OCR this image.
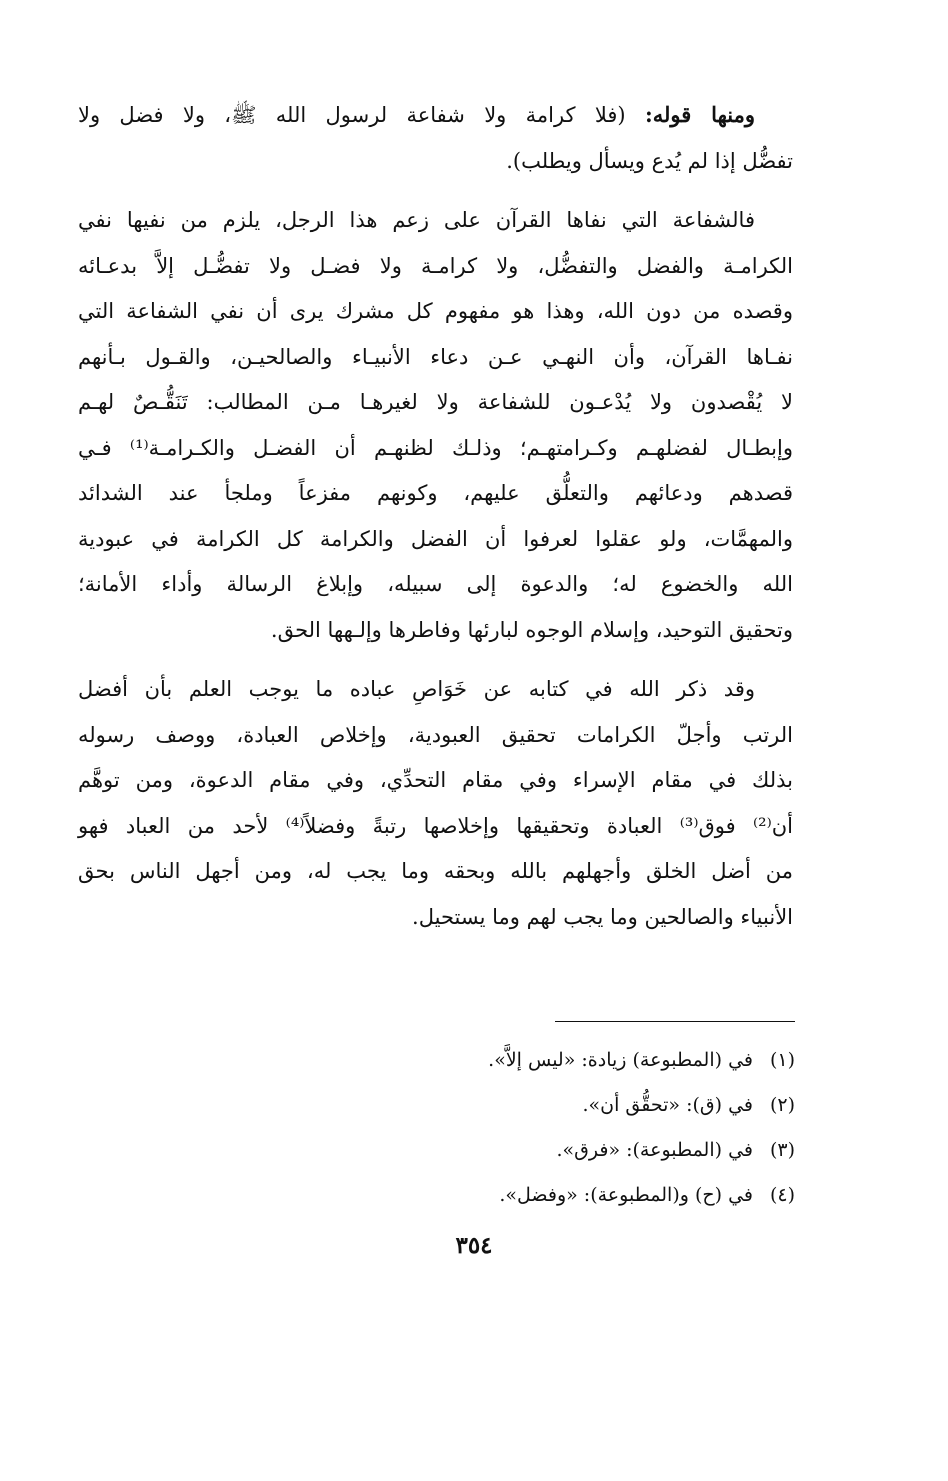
ومنها قوله: (فلا كرامة ولا شفاعة لرسول الله ﷺ، ولا فضل ولا
تفضُّل إذا لم يُدع ويسأل ويطلب).
فالشفاعة التي نفاها القرآن على زعم هذا الرجل، يلزم من نفيها نفي
الكرامـة والفضل والتفضُّل، ولا كرامـة ولا فضـل ولا تفضُّـل إلاَّ بدعـائه
وقصده من دون الله، وهذا هو مفهوم كل مشرك يرى أن نفي الشفاعة التي
نفـاها القرآن، وأن النهـي عـن دعاء الأنبيـاء والصالحيـن، والقـول بـأنهم
لا يُقْصدون ولا يُدْعـون للشفاعة ولا لغيرهـا مـن المطالب: تَنَقُّـصٌ لهـم
وإبطـال لفضلهـم وكـرامتهـم؛ وذلـك لظنهـم أن الفضـل والكـرامـة⁽¹⁾ فـي
قصدهم ودعائهم والتعلُّق عليهم، وكونهم مفزعاً وملجأ عند الشدائد
والمهمَّات، ولو عقلوا لعرفوا أن الفضل والكرامة كل الكرامة في عبودية
الله والخضوع له؛ والدعوة إلى سبيله، وإبلاغ الرسالة وأداء الأمانة؛
وتحقيق التوحيد، وإسلام الوجوه لبارئها وفاطرها وإلـهها الحق.
وقد ذكر الله في كتابه عن خَوَاصِ عباده ما يوجب العلم بأن أفضل
الرتب وأجلّ الكرامات تحقيق العبودية، وإخلاص العبادة، ووصف رسوله
بذلك في مقام الإسراء وفي مقام التحدِّي، وفي مقام الدعوة، ومن توهَّم
أن⁽²⁾ فوق⁽³⁾ العبادة وتحقيقها وإخلاصها رتبةً وفضلاً⁽⁴⁾ لأحد من العباد فهو
من أضل الخلق وأجهلهم بالله وبحقه وما يجب له، ومن أجهل الناس بحق
الأنبياء والصالحين وما يجب لهم وما يستحيل.
(١)في (المطبوعة) زيادة: «ليس إلاَّ».
(٢)في (ق): «تحقُّق أن».
(٣)في (المطبوعة): «فرق».
(٤)في (ح) و(المطبوعة): «وفضل».
٣٥٤
